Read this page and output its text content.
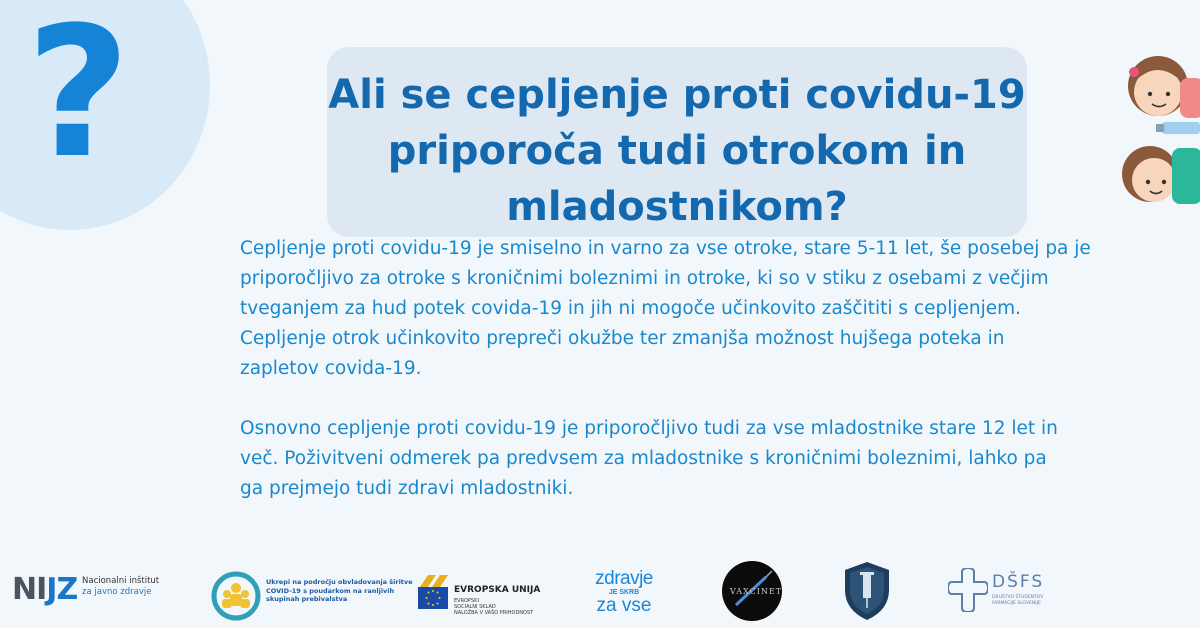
?	Ali se cepljenje proti covidu-19
priporoča tudi otrokom in
mladostnikom?

Cepljenje proti covidu-19 je smiselno in varno za vse otroke, stare 5-11 let, še posebej pa je
priporočljivo za otroke s kroničnimi boleznimi in otroke, ki so v stiku z osebami z večjim
tveganjem za hud potek covida-19 in jih ni mogoče učinkovito zaščititi s cepljenjem.
Cepljenje otrok učinkovito prepreči okužbe ter zmanjša možnost hujšega poteka in
zapletov covida-19.

Osnovno cepljenje proti covidu-19 je priporočljivo tudi za vse mladostnike stare 12 let in
več. Poživitveni odmerek pa predvsem za mladostnike s kroničnimi boleznimi, lahko pa
ga prejmejo tudi zdravi mladostniki.

NIJZ Nacionalni inštitut
za javno zdravje
Ukrepi na področju obvladovanja širitve COVID-19 s poudarkom na ranljivih skupinah prebivalstva
EVROPSKA UNIJA
EVROPSKI
SOCIALNI SKLAD
NALOŽBA V VAŠO PRIHODNOST
zdravje
JE SKRB
za vse
VAXCINET	DŠFS
DRUŠTVO ŠTUDENTOV FARMACIJE SLOVENIJE
